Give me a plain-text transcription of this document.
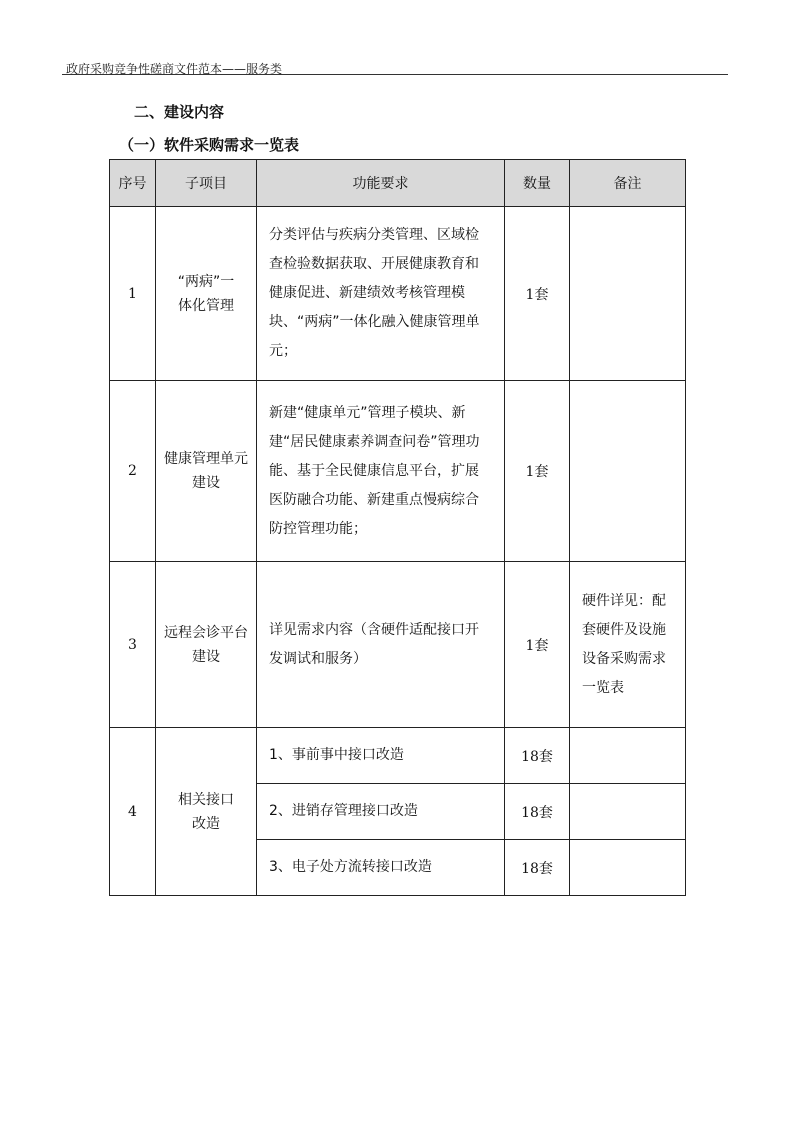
政府采购竞争性磋商文件范本——服务类
二、建设内容
（一）软件采购需求一览表
序号	子项目	功能要求	数量	备注
1	“两病”一体化管理	分类评估与疾病分类管理、区域检查检验数据获取、开展健康教育和健康促进、新建绩效考核管理模块、“两病”一体化融入健康管理单元；	1套	
2	健康管理单元建设	新建“健康单元”管理子模块、新建“居民健康素养调查问卷”管理功能、基于全民健康信息平台，扩展医防融合功能、新建重点慢病综合防控管理功能；	1套	
3	远程会诊平台建设	详见需求内容（含硬件适配接口开发调试和服务）	1套	硬件详见：配套硬件及设施设备采购需求一览表
4	相关接口改造	1、事前事中接口改造	18套	
		2、进销存管理接口改造	18套	
		3、电子处方流转接口改造	18套	
